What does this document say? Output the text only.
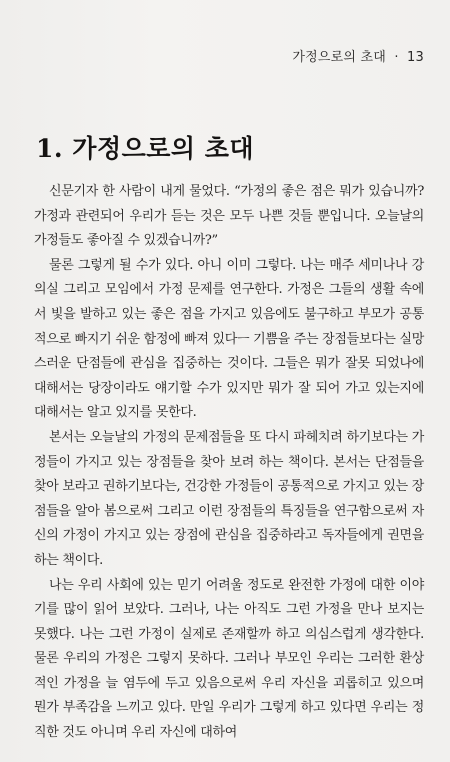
가정으로의 초대 · 13
1. 가정으로의 초대

신문기자 한 사람이 내게 물었다. “가정의 좋은 점은 뭐가 있습니까? 가정과 관련되어 우리가 듣는 것은 모두 나쁜 것들 뿐입니다. 오늘날의 가정들도 좋아질 수 있겠습니까?”

물론 그렇게 될 수가 있다. 아니 이미 그렇다. 나는 매주 세미나나 강의실 그리고 모임에서 가정 문제를 연구한다. 가정은 그들의 생활 속에서 빛을 발하고 있는 좋은 점을 가지고 있음에도 불구하고 부모가 공통적으로 빠지기 쉬운 함정에 빠져 있다ㅡ 기쁨을 주는 장점들보다는 실망스러운 단점들에 관심을 집중하는 것이다. 그들은 뭐가 잘못 되었나에 대해서는 당장이라도 얘기할 수가 있지만 뭐가 잘 되어 가고 있는지에 대해서는 알고 있지를 못한다.

본서는 오늘날의 가정의 문제점들을 또 다시 파헤치려 하기보다는 가정들이 가지고 있는 장점들을 찾아 보려 하는 책이다. 본서는 단점들을 찾아 보라고 권하기보다는, 건강한 가정들이 공통적으로 가지고 있는 장점들을 알아 봄으로써 그리고 이런 장점들의 특징들을 연구함으로써 자신의 가정이 가지고 있는 장점에 관심을 집중하라고 독자들에게 권면을 하는 책이다.

나는 우리 사회에 있는 믿기 어려울 정도로 완전한 가정에 대한 이야기를 많이 읽어 보았다. 그러나, 나는 아직도 그런 가정을 만나 보지는 못했다. 나는 그런 가정이 실제로 존재할까 하고 의심스럽게 생각한다. 물론 우리의 가정은 그렇지 못하다. 그러나 부모인 우리는 그러한 환상적인 가정을 늘 염두에 두고 있음으로써 우리 자신을 괴롭히고 있으며 뭔가 부족감을 느끼고 있다. 만일 우리가 그렇게 하고 있다면 우리는 정직한 것도 아니며 우리 자신에 대하여
